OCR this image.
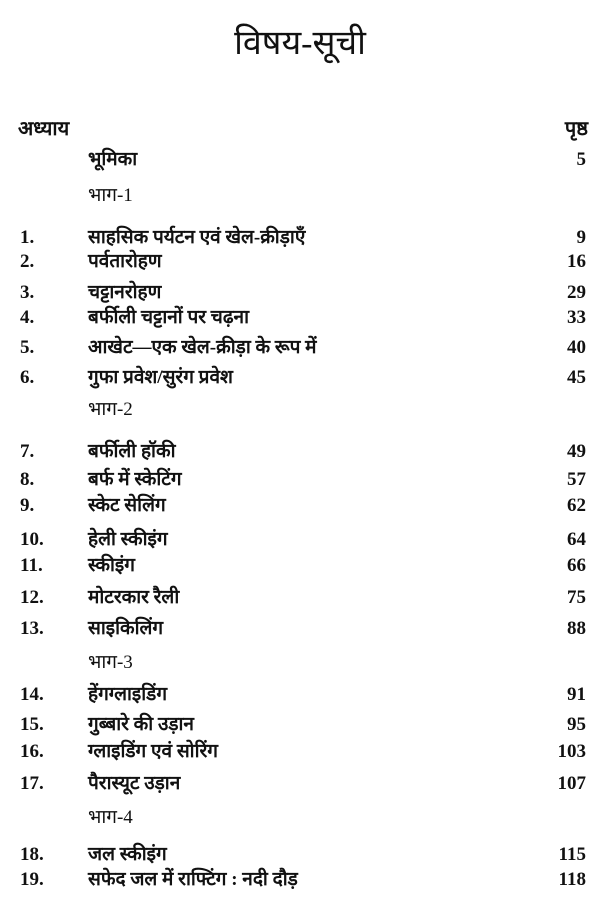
विषय-सूची
अध्याय	पृष्ठ
भूमिका	5
भाग-1
1.	साहसिक पर्यटन एवं खेल-क्रीड़ाएँ	9
2.	पर्वतारोहण	16
3.	चट्टानरोहण	29
4.	बर्फीली चट्टानों पर चढ़ना	33
5.	आखेट—एक खेल-क्रीड़ा के रूप में	40
6.	गुफा प्रवेश/सुरंग प्रवेश	45
भाग-2
7.	बर्फीली हॉकी	49
8.	बर्फ में स्केटिंग	57
9.	स्केट सेलिंग	62
10. हेली स्कीइंग	64
11. स्कीइंग	66
12. मोटरकार रैली	75
13. साइकिलिंग	88
भाग-3
14. हेंगग्लाइडिंग	91
15. गुब्बारे की उड़ान	95
16. ग्लाइडिंग एवं सोरिंग	103
17. पैरास्यूट उड़ान	107
भाग-4
18. जल स्कीइंग	115
19. सफेद जल में राफ्टिंग : नदी दौड़	118
